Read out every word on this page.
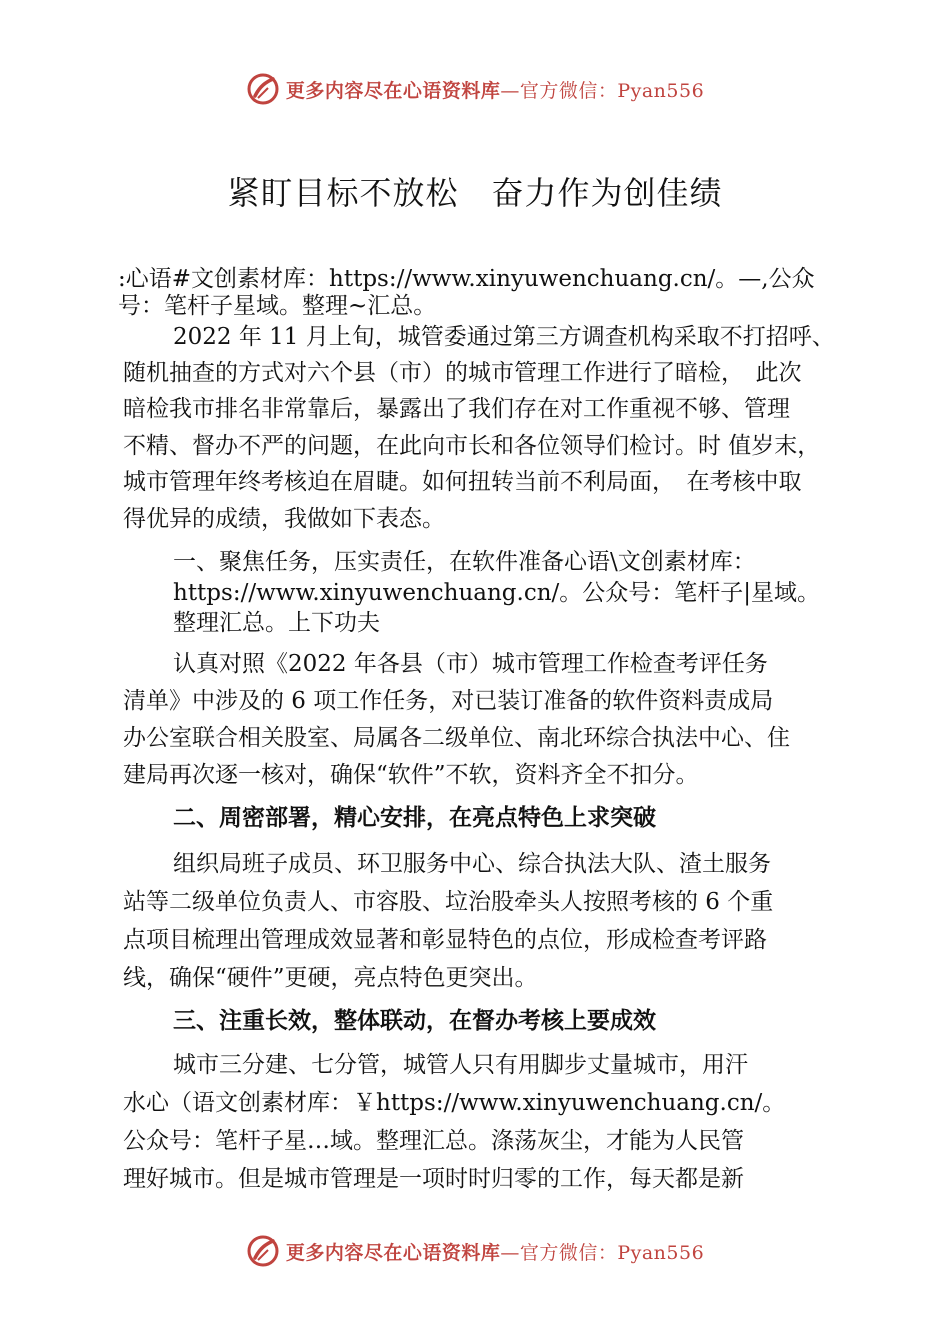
更多内容尽在心语资料库—官方微信：Pyan556
紧盯目标不放松　奋力作为创佳绩
:心语#文创素材库：https://www.xinyuwenchuang.cn/。—,公众
号：笔杆子星域。整理~汇总。
2022 年 11 月上旬，城管委通过第三方调查机构采取不打招呼、
随机抽查的方式对六个县（市）的城市管理工作进行了暗检，　此次
暗检我市排名非常靠后，暴露出了我们存在对工作重视不够、管理
不精、督办不严的问题，在此向市长和各位领导们检讨。时 值岁末，
城市管理年终考核迫在眉睫。如何扭转当前不利局面，　在考核中取
得优异的成绩，我做如下表态。
一、聚焦任务，压实责任，在软件准备心语\文创素材库：
https://www.xinyuwenchuang.cn/。公众号：笔杆子|星域。
整理汇总。上下功夫
认真对照《2022 年各县（市）城市管理工作检查考评任务
清单》中涉及的 6 项工作任务，对已装订准备的软件资料责成局
办公室联合相关股室、局属各二级单位、南北环综合执法中心、住
建局再次逐一核对，确保“软件”不软，资料齐全不扣分。
二、周密部署，精心安排，在亮点特色上求突破
组织局班子成员、环卫服务中心、综合执法大队、渣土服务
站等二级单位负责人、市容股、垃治股牵头人按照考核的 6 个重
点项目梳理出管理成效显著和彰显特色的点位，形成检查考评路
线，确保“硬件”更硬，亮点特色更突出。
三、注重长效，整体联动，在督办考核上要成效
城市三分建、七分管，城管人只有用脚步丈量城市，用汗
水心（语文创素材库：￥https://www.xinyuwenchuang.cn/。
公众号：笔杆子星…域。整理汇总。涤荡灰尘，才能为人民管
理好城市。但是城市管理是一项时时归零的工作，每天都是新
更多内容尽在心语资料库—官方微信：Pyan556
